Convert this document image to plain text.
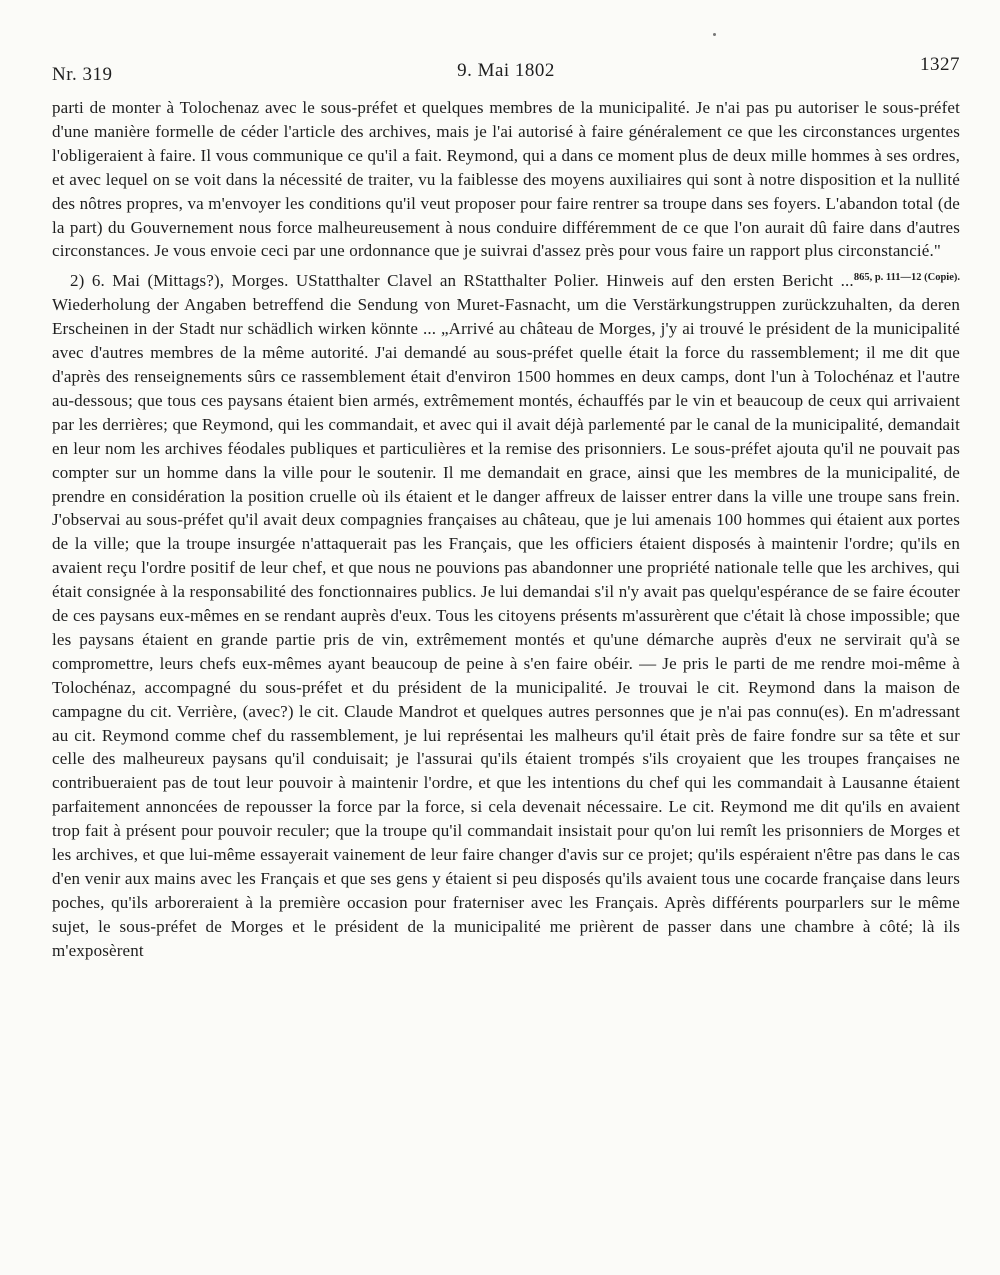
Nr. 319	9. Mai 1802	1327

parti de monter à Tolochenaz avec le sous-préfet et quelques membres de la municipalité. Je n'ai pas pu autoriser le sous-préfet d'une manière formelle de céder l'article des archives, mais je l'ai autorisé à faire généralement ce que les circonstances urgentes l'obligeraient à faire. Il vous communique ce qu'il a fait. Reymond, qui a dans ce moment plus de deux mille hommes à ses ordres, et avec lequel on se voit dans la nécessité de traiter, vu la faiblesse des moyens auxiliaires qui sont à notre disposition et la nullité des nôtres propres, va m'envoyer les conditions qu'il veut proposer pour faire rentrer sa troupe dans ses foyers. L'abandon total (de la part) du Gouvernement nous force malheureusement à nous conduire différemment de ce que l'on aurait dû faire dans d'autres circonstances. Je vous envoie ceci par une ordonnance que je suivrai d'assez près pour vous faire un rapport plus circonstancié."
865, p. 111—12 (Copie).

2) 6. Mai (Mittags?), Morges. UStatthalter Clavel an RStatthalter Polier. Hinweis auf den ersten Bericht ... Wiederholung der Angaben betreffend die Sendung von Muret-Fasnacht, um die Verstärkungstruppen zurückzuhalten, da deren Erscheinen in der Stadt nur schädlich wirken könnte ... „Arrivé au château de Morges, j'y ai trouvé le président de la municipalité avec d'autres membres de la même autorité. J'ai demandé au sous-préfet quelle était la force du rassemblement; il me dit que d'après des renseignements sûrs ce rassemblement était d'environ 1500 hommes en deux camps, dont l'un à Tolochénaz et l'autre au-dessous; que tous ces paysans étaient bien armés, extrêmement montés, échauffés par le vin et beaucoup de ceux qui arrivaient par les derrières; que Reymond, qui les commandait, et avec qui il avait déjà parlementé par le canal de la municipalité, demandait en leur nom les archives féodales publiques et particulières et la remise des prisonniers. Le sous-préfet ajouta qu'il ne pouvait pas compter sur un homme dans la ville pour le soutenir. Il me demandait en grace, ainsi que les membres de la municipalité, de prendre en considération la position cruelle où ils étaient et le danger affreux de laisser entrer dans la ville une troupe sans frein. J'observai au sous-préfet qu'il avait deux compagnies françaises au château, que je lui amenais 100 hommes qui étaient aux portes de la ville; que la troupe insurgée n'attaquerait pas les Français, que les officiers étaient disposés à maintenir l'ordre; qu'ils en avaient reçu l'ordre positif de leur chef, et que nous ne pouvions pas abandonner une propriété nationale telle que les archives, qui était consignée à la responsabilité des fonctionnaires publics. Je lui demandai s'il n'y avait pas quelqu'espérance de se faire écouter de ces paysans eux-mêmes en se rendant auprès d'eux. Tous les citoyens présents m'assurèrent que c'était là chose impossible; que les paysans étaient en grande partie pris de vin, extrêmement montés et qu'une démarche auprès d'eux ne servirait qu'à se compromettre, leurs chefs eux-mêmes ayant beaucoup de peine à s'en faire obéir. — Je pris le parti de me rendre moi-même à Tolochénaz, accompagné du sous-préfet et du président de la municipalité. Je trouvai le cit. Reymond dans la maison de campagne du cit. Verrière, (avec?) le cit. Claude Mandrot et quelques autres personnes que je n'ai pas connu(es). En m'adressant au cit. Reymond comme chef du rassemblement, je lui représentai les malheurs qu'il était près de faire fondre sur sa tête et sur celle des malheureux paysans qu'il conduisait; je l'assurai qu'ils étaient trompés s'ils croyaient que les troupes françaises ne contribueraient pas de tout leur pouvoir à maintenir l'ordre, et que les intentions du chef qui les commandait à Lausanne étaient parfaitement annoncées de repousser la force par la force, si cela devenait nécessaire. Le cit. Reymond me dit qu'ils en avaient trop fait à présent pour pouvoir reculer; que la troupe qu'il commandait insistait pour qu'on lui remît les prisonniers de Morges et les archives, et que lui-même essayerait vainement de leur faire changer d'avis sur ce projet; qu'ils espéraient n'être pas dans le cas d'en venir aux mains avec les Français et que ses gens y étaient si peu disposés qu'ils avaient tous une cocarde française dans leurs poches, qu'ils arboreraient à la première occasion pour fraterniser avec les Français. Après différents pourparlers sur le même sujet, le sous-préfet de Morges et le président de la municipalité me prièrent de passer dans une chambre à côté; là ils m'exposèrent
